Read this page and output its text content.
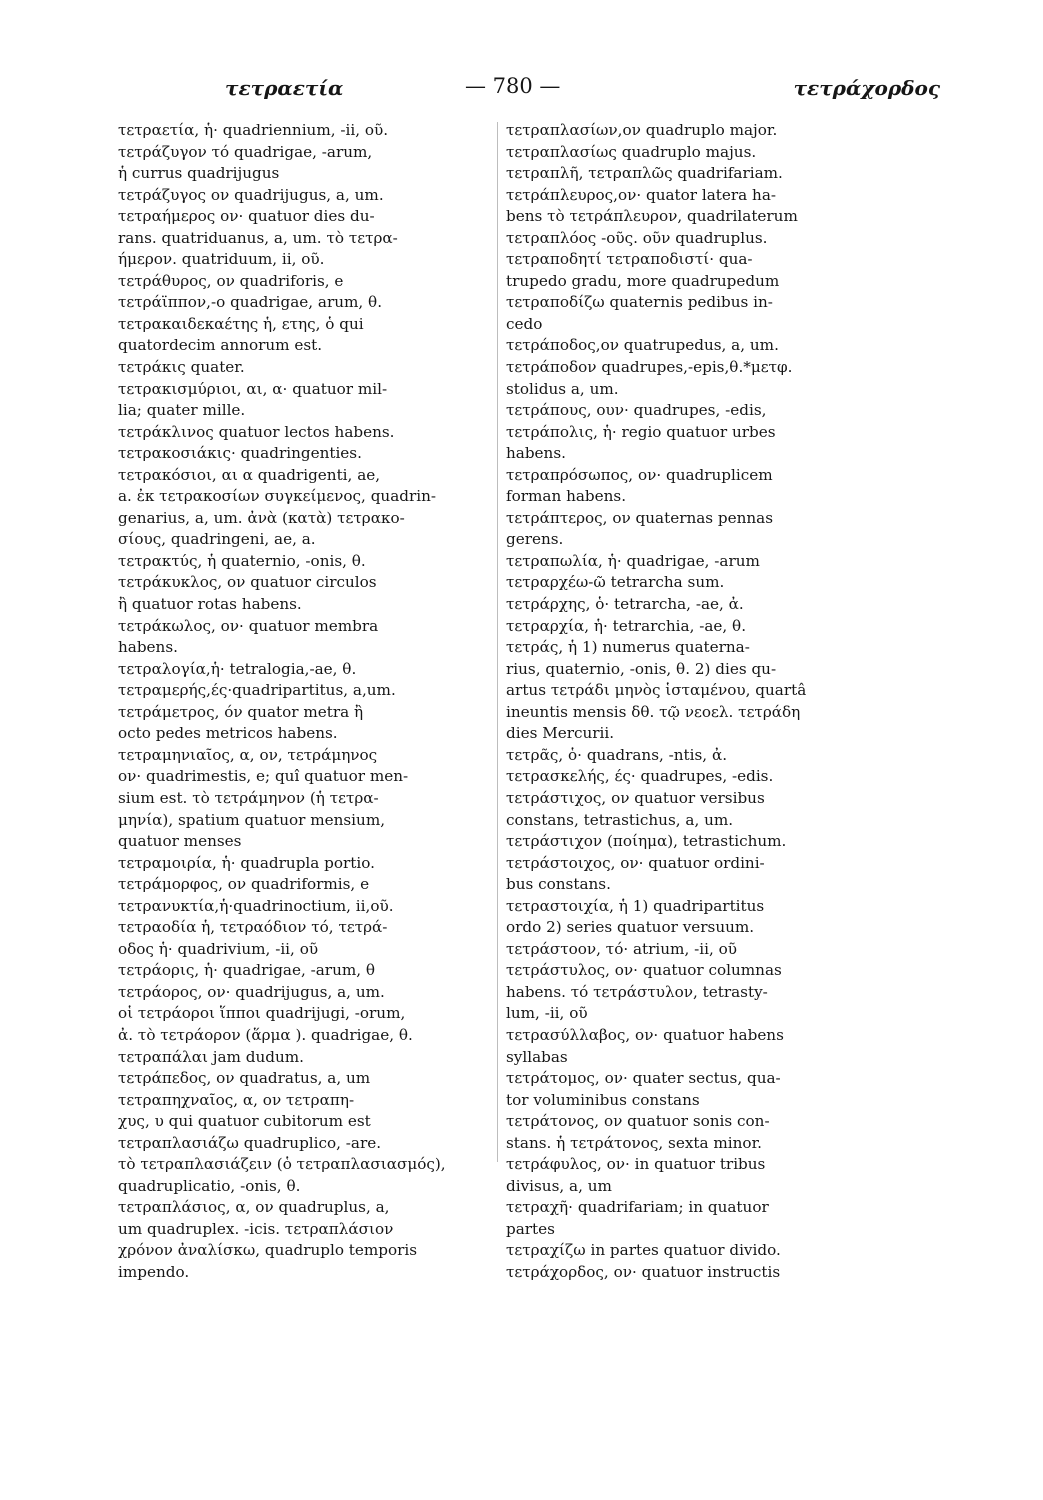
τετραετία	— 780 —	τετράχορδος
τετραετία, ἡ· quadriennium, -ii, οῦ.
τετράζυγον τό quadrigae, -arum,
ἡ currus quadrijugus
τετράζυγος ον quadrijugus, a, um.
τετραήμερος ον· quatuor dies du-
rans. quatriduanus, a, um. τὸ τετρα-
ήμερον. quatriduum, ii, οῦ.
τετράθυρος, ον quadriforis, e
τετράϊππον,-ο quadrigae, arum, θ.
τετρακαιδεκαέτης ἡ, ετης, ὁ qui
quatordecim annorum est.
τετράκις quater.
τετρακισμύριοι, αι, α· quatuor mil-
lia; quater mille.
τετράκλινος quatuor lectos habens.
τετρακοσιάκις· quadringenties.
τετρακόσιοι, αι α quadrigenti, ae,
a. ἐκ τετρακοσίων συγκείμενος, quadrin-
genarius, a, um. ἀνὰ (κατὰ) τετρακο-
σίους, quadringeni, ae, a.
τετρακτύς, ἡ quaternio, -onis, θ.
τετράκυκλος, ον quatuor circulos
ἢ quatuor rotas habens.
τετράκωλος, ον· quatuor membra
habens.
τετραλογία,ἡ· tetralogia,-ae, θ.
τετραμερής,ές·quadripartitus, a,um.
τετράμετρος, όν quator metra ἢ
octo pedes metricos habens.
τετραμηνιαῖος, α, ον, τετράμηνος
ον· quadrimestis, e; quî quatuor men-
sium est. τὸ τετράμηνον (ἡ τετρα-
μηνία), spatium quatuor mensium,
quatuor menses
τετραμοιρία, ἡ· quadrupla portio.
τετράμορφος, ον quadriformis, e
τετρανυκτία,ἡ·quadrinoctium, ii,οῦ.
τετραοδία ἡ, τετραόδιον τό, τετρά-
οδος ἡ· quadrivium, -ii, οῦ
τετράορις, ἡ· quadrigae, -arum, θ
τετράορος, ον· quadrijugus, a, um.
οἱ τετράοροι ἵπποι quadrijugi, -orum,
ἀ. τὸ τετράορον (ἅρμα ). quadrigae, θ.
τετραπάλαι jam dudum.
τετράπεδος, ον quadratus, a, um
τετραπηχναῖος, α, ον τετραπη-
χυς, υ qui quatuor cubitorum est
τετραπλασιάζω quadruplico, -are.
τὸ τετραπλασιάζειν (ὁ τετραπλασιασμός),
quadruplicatio, -onis, θ.
τετραπλάσιος, α, ον quadruplus, a,
um quadruplex. -icis. τετραπλάσιον
χρόνον ἀναλίσκω, quadruplo temporis
impendo.
τετραπλασίων,ον quadruplo major.
τετραπλασίως quadruplo majus.
τετραπλῆ, τετραπλῶς quadrifariam.
τετράπλευρος,ον· quator latera ha-
bens τὸ τετράπλευρον, quadrilaterum
τετραπλόος -οῦς. οῦν quadruplus.
τετραποδητί τετραποδιστί· qua-
trupedo gradu, more quadrupedum
τετραποδίζω quaternis pedibus in-
cedo
τετράποδος,ον quatrupedus, a, um.
τετράποδον quadrupes,-epis,θ.*μετφ.
stolidus a, um.
τετράπους, ουν· quadrupes, -edis,
τετράπολις, ἡ· regio quatuor urbes
habens.
τετραπρόσωπος, ον· quadruplicem
forman habens.
τετράπτερος, ον quaternas pennas
gerens.
τετραπωλία, ἡ· quadrigae, -arum
τετραρχέω-ῶ tetrarcha sum.
τετράρχης, ὁ· tetrarcha, -ae, ἀ.
τετραρχία, ἡ· tetrarchia, -ae, θ.
τετράς, ἡ 1) numerus quaterna-
rius, quaternio, -onis, θ. 2) dies qu-
artus τετράδι μηνὸς ἱσταμένου, quartâ
ineuntis mensis δθ. τῷ νεοελ. τετράδη
dies Mercurii.
τετρᾶς, ὁ· quadrans, -ntis, ἀ.
τετρασκελής, ές· quadrupes, -edis.
τετράστιχος, ον quatuor versibus
constans, tetrastichus, a, um.
τετράστιχον (ποίημα), tetrastichum.
τετράστοιχος, ον· quatuor ordini-
bus constans.
τετραστοιχία, ἡ 1) quadripartitus
ordo 2) series quatuor versuum.
τετράστοον, τό· atrium, -ii, οῦ
τετράστυλος, ον· quatuor columnas
habens. τό τετράστυλον, tetrasty-
lum, -ii, οῦ
τετρασύλλαβος, ον· quatuor habens
syllabas
τετράτομος, ον· quater sectus, qua-
tor voluminibus constans
τετράτονος, ον quatuor sonis con-
stans. ἡ τετράτονος, sexta minor.
τετράφυλος, ον· in quatuor tribus
divisus, a, um
τετραχῆ· quadrifariam; in quatuor
partes
τετραχίζω in partes quatuor divido.
τετράχορδος, ον· quatuor instructis
